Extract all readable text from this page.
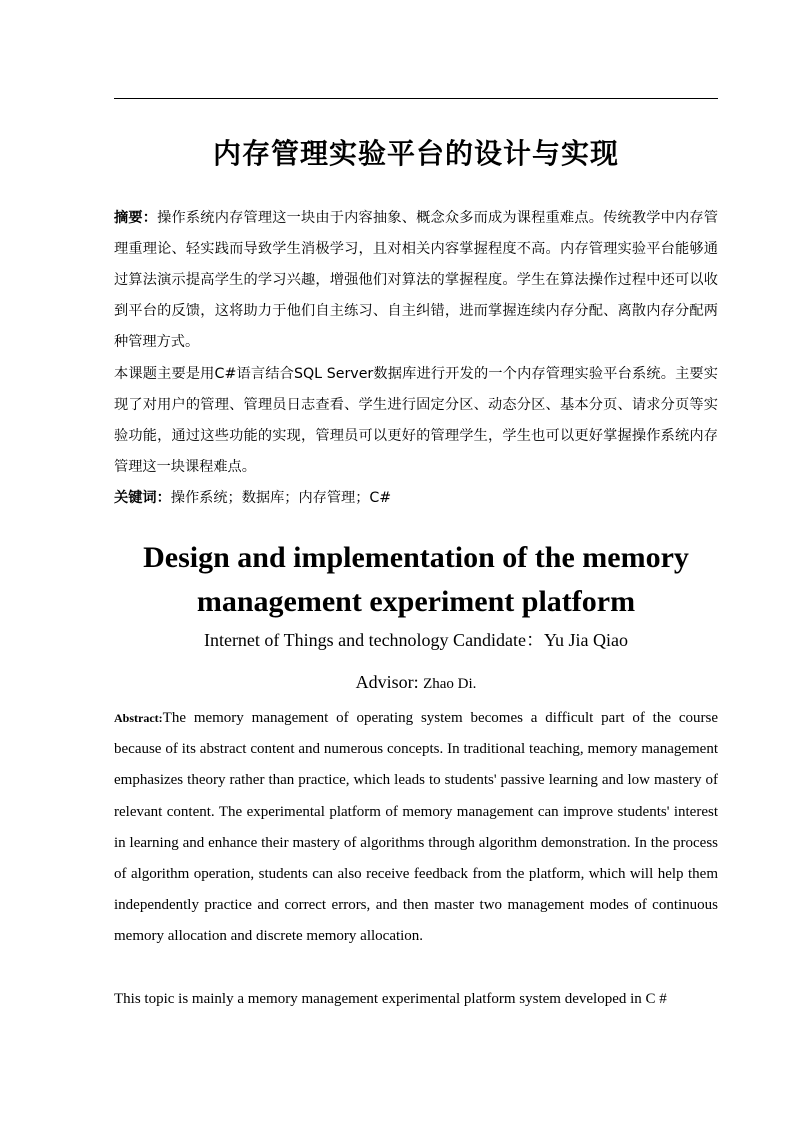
内存管理实验平台的设计与实现
摘要：操作系统内存管理这一块由于内容抽象、概念众多而成为课程重难点。传统教学中内存管理重理论、轻实践而导致学生消极学习，且对相关内容掌握程度不高。内存管理实验平台能够通过算法演示提高学生的学习兴趣，增强他们对算法的掌握程度。学生在算法操作过程中还可以收到平台的反馈，这将助力于他们自主练习、自主纠错，进而掌握连续内存分配、离散内存分配两种管理方式。
本课题主要是用C#语言结合SQL Server数据库进行开发的一个内存管理实验平台系统。主要实现了对用户的管理、管理员日志查看、学生进行固定分区、动态分区、基本分页、请求分页等实验功能，通过这些功能的实现，管理员可以更好的管理学生，学生也可以更好掌握操作系统内存管理这一块课程难点。
关键词：操作系统；数据库；内存管理；C#
Design and implementation of the memory management experiment platform
Internet of Things and technology Candidate：Yu Jia Qiao
Advisor: Zhao Di.
Abstract:The memory management of operating system becomes a difficult part of the course because of its abstract content and numerous concepts. In traditional teaching, memory management emphasizes theory rather than practice, which leads to students' passive learning and low mastery of relevant content. The experimental platform of memory management can improve students' interest in learning and enhance their mastery of algorithms through algorithm demonstration. In the process of algorithm operation, students can also receive feedback from the platform, which will help them independently practice and correct errors, and then master two management modes of continuous memory allocation and discrete memory allocation.
This topic is mainly a memory management experimental platform system developed in C #
